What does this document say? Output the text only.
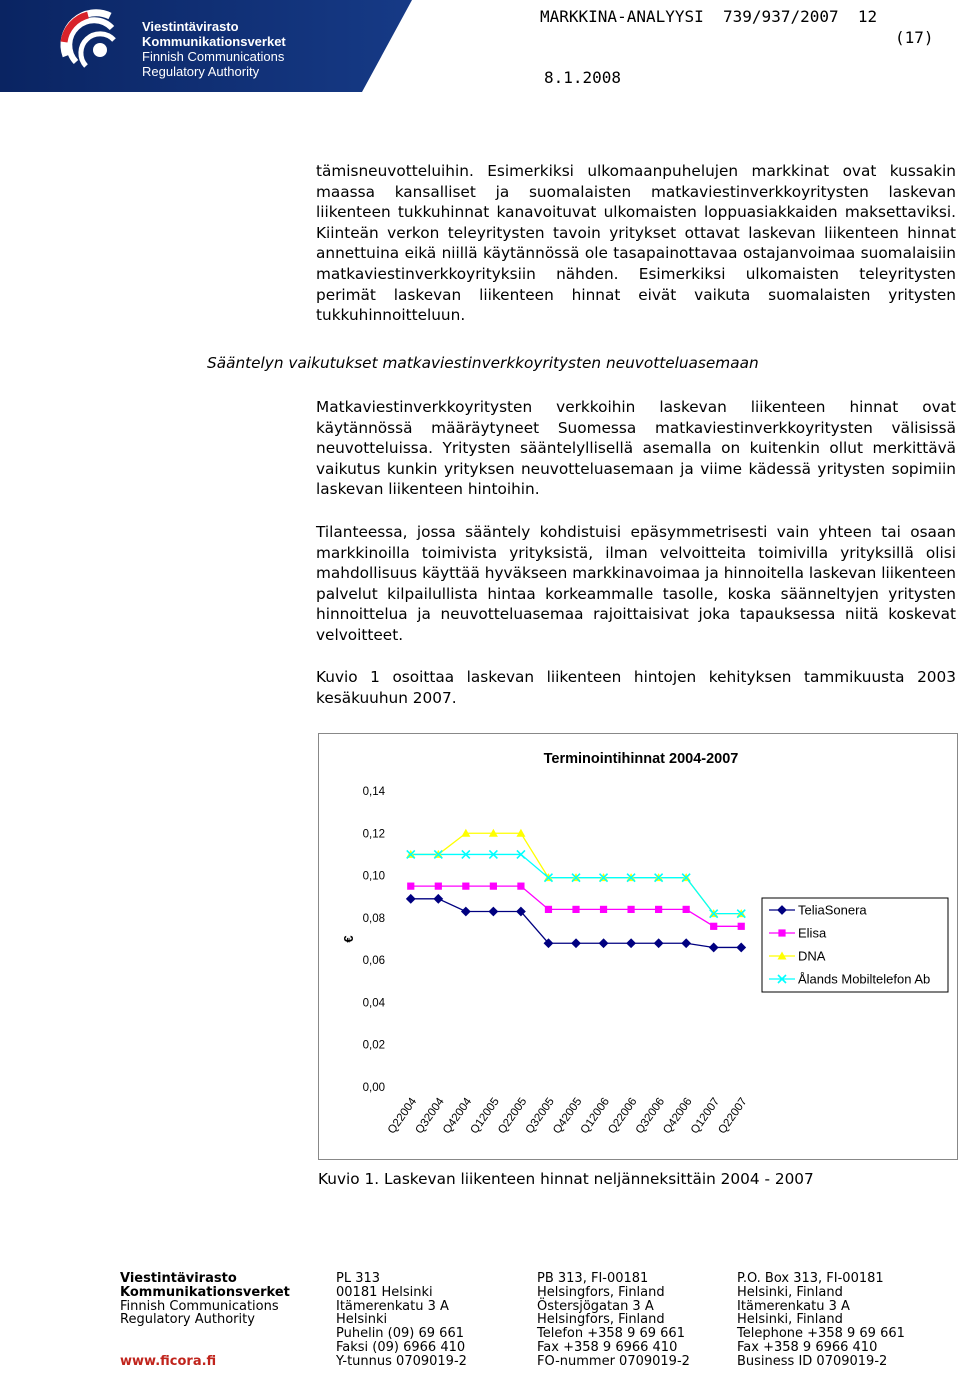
Viestintävirasto
Kommunikationsverket
Finnish Communications
Regulatory Authority
MARKKINA-ANALYYSI  739/937/2007  12
(17)
8.1.2008
tämisneuvotteluihin. Esimerkiksi ulkomaanpuhelujen markkinat ovat kussakin maassa kansalliset ja suomalaisten matkaviestinverkkoyritysten laskevan liikenteen tukkuhinnat kanavoituvat ulkomaisten loppuasiakkaiden maksettaviksi. Kiinteän verkon teleyritysten tavoin yritykset ottavat laskevan liikenteen hinnat annettuina eikä niillä käytännössä ole tasapainottavaa ostajanvoimaa suomalaisiin matkaviestinverkkoyrityksiin nähden. Esimerkiksi ulkomaisten teleyritysten perimät laskevan liikenteen hinnat eivät vaikuta suomalaisten yritysten tukkuhinnoitteluun.
Sääntelyn vaikutukset matkaviestinverkkoyritysten neuvotteluasemaan
Matkaviestinverkkoyritysten verkkoihin laskevan liikenteen hinnat ovat käytännössä määräytyneet Suomessa matkaviestinverkkoyritysten välisissä neuvotteluissa. Yritysten sääntelyllisellä asemalla on kuitenkin ollut merkittävä vaikutus kunkin yrityksen neuvotteluasemaan ja viime kädessä yritysten sopimiin laskevan liikenteen hintoihin.
Tilanteessa, jossa sääntely kohdistuisi epäsymmetrisesti vain yhteen tai osaan markkinoilla toimivista yrityksistä, ilman velvoitteita toimivilla yrityksillä olisi mahdollisuus käyttää hyväkseen markkinavoimaa ja hinnoitella laskevan liikenteen palvelut kilpailullista hintaa korkeammalle tasolle, koska säänneltyjen yritysten hinnoittelua ja neuvotteluasemaa rajoittaisivat joka tapauksessa niitä koskevat velvoitteet.
Kuvio 1 osoittaa laskevan liikenteen hintojen kehityksen tammikuusta 2003 kesäkuuhun 2007.
Terminointihinnat 2004-2007
€
0,00
0,02
0,04
0,06
0,08
0,10
0,12
0,14
Q22004
Q32004
Q42004
Q12005
Q22005
Q32005
Q42005
Q12006
Q22006
Q32006
Q42006
Q12007
Q22007
TeliaSonera
Elisa
DNA
Ålands Mobiltelefon Ab
Kuvio 1. Laskevan liikenteen hinnat neljänneksittäin 2004 - 2007
Viestintävirasto
Kommunikationsverket
Finnish Communications
Regulatory Authority
www.ficora.fi
PL 313
00181 Helsinki
Itämerenkatu 3 A
Helsinki
Puhelin (09) 69 661
Faksi (09) 6966 410
Y-tunnus 0709019-2
PB 313, FI-00181
Helsingfors, Finland
Östersjögatan 3 A
Helsingfors, Finland
Telefon +358 9 69 661
Fax +358 9 6966 410
FO-nummer 0709019-2
P.O. Box 313, FI-00181
Helsinki, Finland
Itämerenkatu 3 A
Helsinki, Finland
Telephone +358 9 69 661
Fax +358 9 6966 410
Business ID 0709019-2
